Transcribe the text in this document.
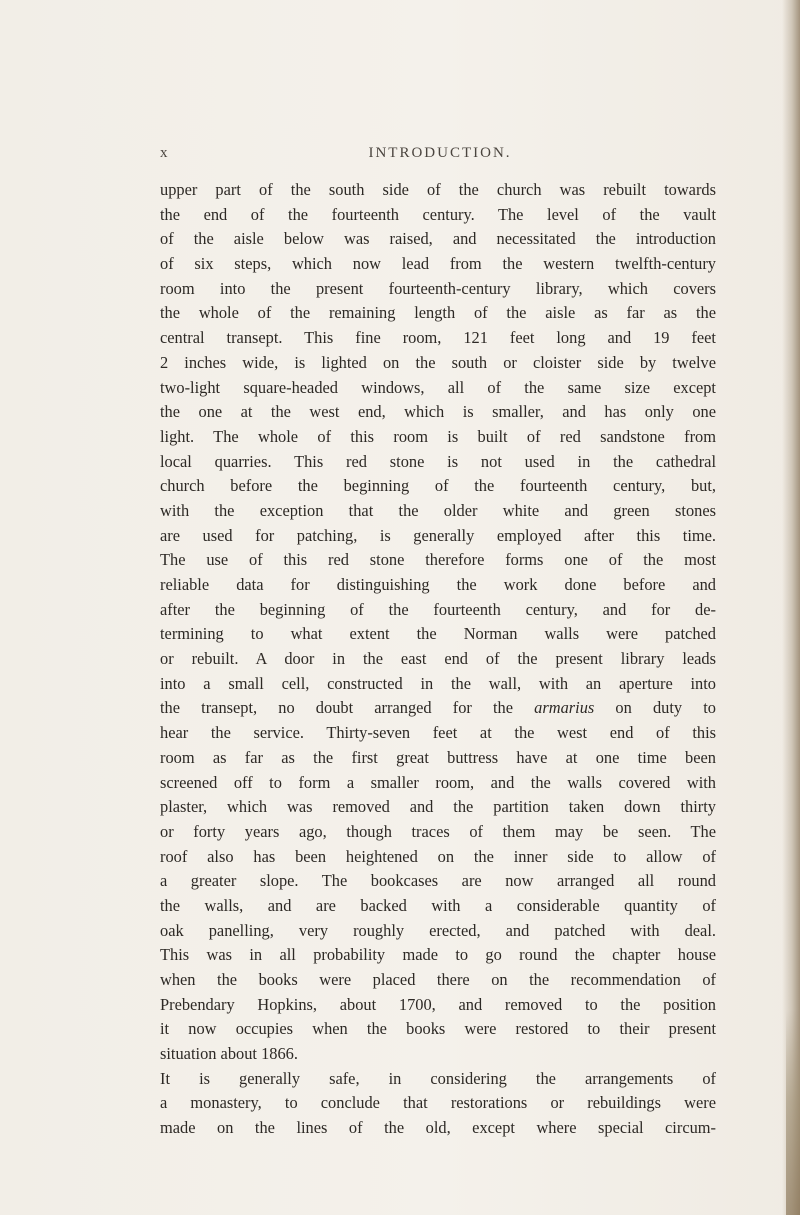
x	INTRODUCTION.
upper part of the south side of the church was rebuilt towards
the end of the fourteenth century. The level of the vault
of the aisle below was raised, and necessitated the introduction
of six steps, which now lead from the western twelfth-century
room into the present fourteenth-century library, which covers
the whole of the remaining length of the aisle as far as the
central transept. This fine room, 121 feet long and 19 feet
2 inches wide, is lighted on the south or cloister side by twelve
two-light square-headed windows, all of the same size except
the one at the west end, which is smaller, and has only one
light. The whole of this room is built of red sandstone from
local quarries. This red stone is not used in the cathedral
church before the beginning of the fourteenth century, but,
with the exception that the older white and green stones
are used for patching, is generally employed after this time.
The use of this red stone therefore forms one of the most
reliable data for distinguishing the work done before and
after the beginning of the fourteenth century, and for de-
termining to what extent the Norman walls were patched
or rebuilt. A door in the east end of the present library leads
into a small cell, constructed in the wall, with an aperture into
the transept, no doubt arranged for the armarius on duty to
hear the service. Thirty-seven feet at the west end of this
room as far as the first great buttress have at one time been
screened off to form a smaller room, and the walls covered with
plaster, which was removed and the partition taken down thirty
or forty years ago, though traces of them may be seen. The
roof also has been heightened on the inner side to allow of
a greater slope. The bookcases are now arranged all round
the walls, and are backed with a considerable quantity of
oak panelling, very roughly erected, and patched with deal.
This was in all probability made to go round the chapter house
when the books were placed there on the recommendation of
Prebendary Hopkins, about 1700, and removed to the position
it now occupies when the books were restored to their present
situation about 1866.
It is generally safe, in considering the arrangements of
a monastery, to conclude that restorations or rebuildings were
made on the lines of the old, except where special circum-
